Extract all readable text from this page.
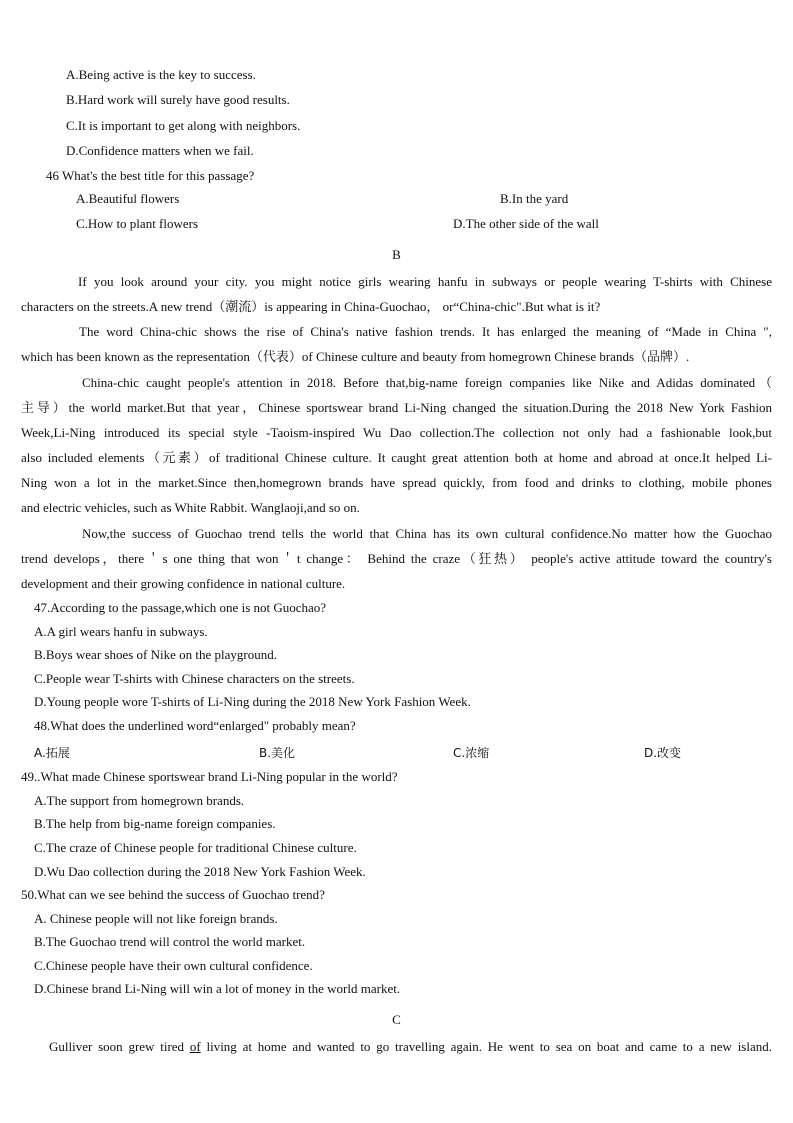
A.Being active is the key to success.
B.Hard work will surely have good results.
C.It is important to get along with neighbors.
D.Confidence matters when we fail.
46 What's the best title for this passage?
A.Beautiful flowers	B.In the yard
C.How to plant flowers	D.The other side of the wall
B
If you look around your city. you might notice girls wearing hanfu in subways or people wearing T-shirts with Chinese
characters on the streets.A new trend（潮流）is appearing in China-Guochao， or“China-chic".But what is it?
The word China-chic shows the rise of China's native fashion trends. It has enlarged the meaning of “Made in China ″,
which has been known as the representation（代表）of Chinese culture and beauty from homegrown Chinese brands（品牌）.
China-chic caught people's attention in 2018. Before that,big-name foreign companies like Nike and Adidas dominated（
主导）the world market.But that year，Chinese sportswear brand Li-Ning changed the situation.During the 2018 New York Fashion
Week,Li-Ning introduced its special style -Taoism-inspired Wu Dao collection.The collection not only had a fashionable look,but
also included elements（元素）of traditional Chinese culture. It caught great attention both at home and abroad at once.It helped Li-
Ning won a lot in the market.Since then,homegrown brands have spread quickly, from food and drinks to clothing, mobile phones
and electric vehicles, such as White Rabbit. Wanglaoji,and so on.
Now,the success of Guochao trend tells the world that China has its own cultural confidence.No matter how the Guochao
trend develops，there＇s one thing that won＇t change： Behind the craze（狂热） people's active attitude toward the country's
development and their growing confidence in national culture.
47.According to the passage,which one is not Guochao?
A.A girl wears hanfu in subways.
B.Boys wear shoes of Nike on the playground.
C.People wear T-shirts with Chinese characters on the streets.
D.Young people wore T-shirts of Li-Ning during the 2018 New York Fashion Week.
48.What does the underlined word“enlarged" probably mean?
A.拓展	B.美化	C.浓缩	D.改变
49..What made Chinese sportswear brand Li-Ning popular in the world?
A.The support from homegrown brands.
B.The help from big-name foreign companies.
C.The craze of Chinese people for traditional Chinese culture.
D.Wu Dao collection during the 2018 New York Fashion Week.
50.What can we see behind the success of Guochao trend?
A. Chinese people will not like foreign brands.
B.The Guochao trend will control the world market.
C.Chinese people have their own cultural confidence.
D.Chinese brand Li-Ning will win a lot of money in the world market.
C
Gulliver soon grew tired of living at home and wanted to go travelling again. He went to sea on boat and came to a new island.
